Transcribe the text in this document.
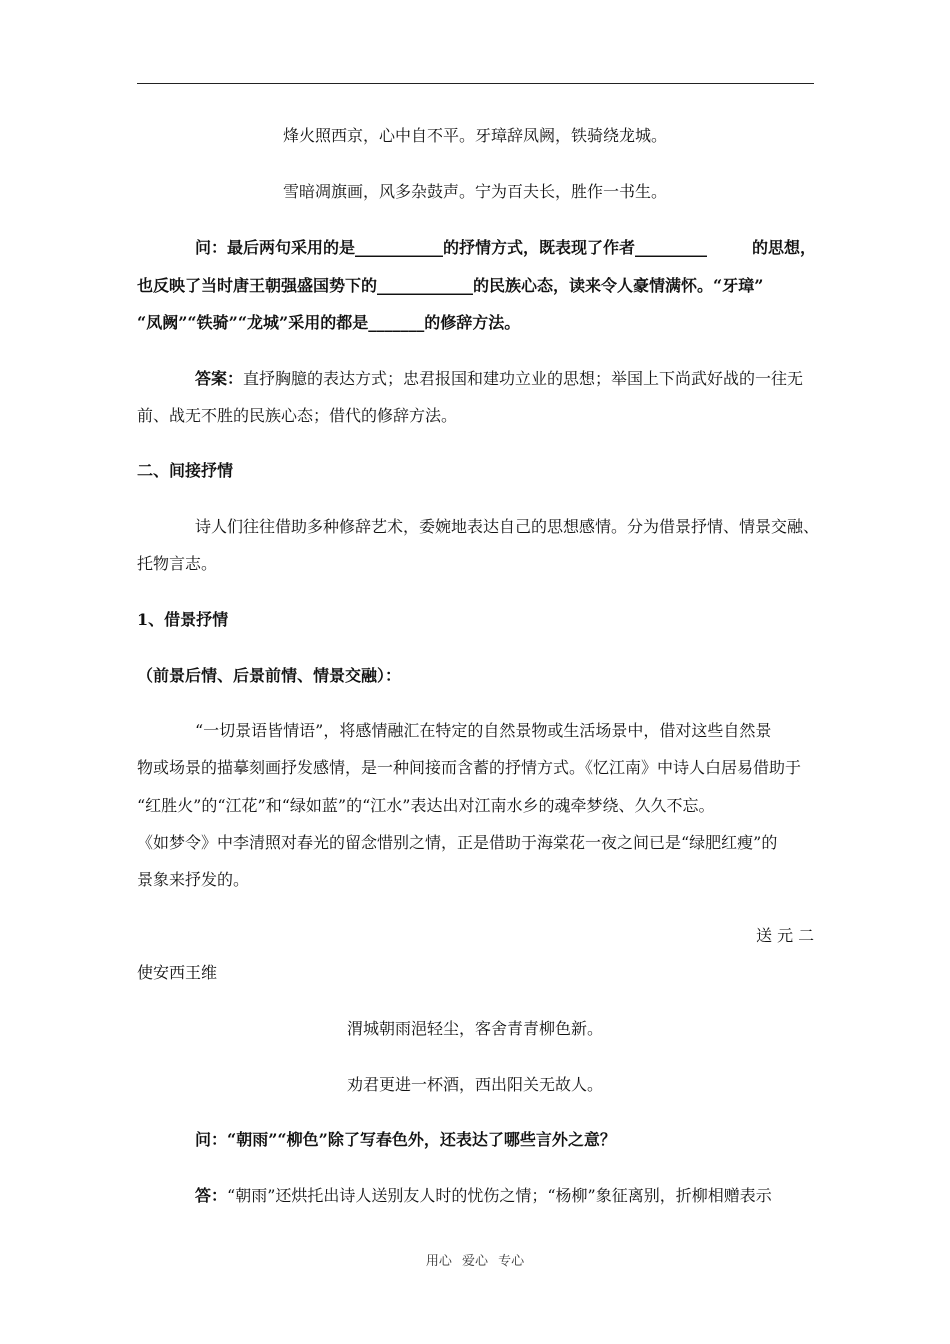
烽火照西京，心中自不平。牙璋辞凤阙，铁骑绕龙城。
雪暗凋旗画，风多杂鼓声。宁为百夫长，胜作一书生。
问：最后两句采用的是___________的抒情方式，既表现了作者_________	的思想，
也反映了当时唐王朝强盛国势下的____________的民族心态，读来令人豪情满怀。“牙璋”
“凤阙”“铁骑”“龙城”采用的都是_______的修辞方法。
答案：直抒胸臆的表达方式；忠君报国和建功立业的思想；举国上下尚武好战的一往无
前、战无不胜的民族心态；借代的修辞方法。
二、间接抒情
诗人们往往借助多种修辞艺术，委婉地表达自己的思想感情。分为借景抒情、情景交融、
托物言志。
1、借景抒情
（前景后情、后景前情、情景交融）：
“一切景语皆情语”，将感情融汇在特定的自然景物或生活场景中，借对这些自然景
物或场景的描摹刻画抒发感情，是一种间接而含蓄的抒情方式。《忆江南》中诗人白居易借助于
“红胜火”的“江花”和“绿如蓝”的“江水”表达出对江南水乡的魂牵梦绕、久久不忘。
《如梦令》中李清照对春光的留念惜别之情，正是借助于海棠花一夜之间已是“绿肥红瘦”的
景象来抒发的。
送 元 二
使安西王维
渭城朝雨浥轻尘，客舍青青柳色新。
劝君更进一杯酒，西出阳关无故人。
问：“朝雨”“柳色”除了写春色外，还表达了哪些言外之意？
答：“朝雨”还烘托出诗人送别友人时的忧伤之情；“杨柳”象征离别，折柳相赠表示
用心 爱心 专心
